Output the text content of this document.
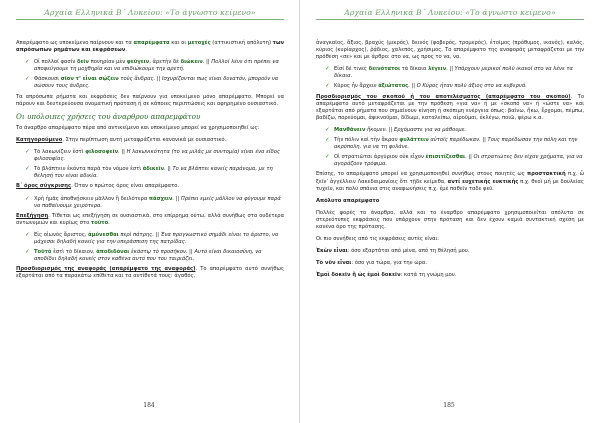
Αρχαία Ελληνικά Β΄ Λυκείου: «Το άγνωστο κείμενο»

Απαρέμφατο ως υποκείμενο παίρνουν και τα απαρέμφατα και οι μετοχές (αττικιστική απόλυτη) των απρόσωπων ρημάτων και εκφράσεων.

✓ Οἱ πολλοί φασίν δεῖν πονηρίαν μὲν φεύγειν, ἀρετὴν δὲ διώκειν. || Πολλοί λένε ότι πρέπει να αποφεύγουμε τη μοχθηρία και να επιδιώκουμε την αρετή.
✓ Φάσκουσι σῖον τ’ εἶναι σῴζειν τοὺς ἄνδρας. || Ισχυρίζονται πως είναι δυνατόν, μπορούν να σώσουν τους άνδρες.

Τα απρόσωπα ρήματα και εκφράσεις δεν παίρνουν για υποκείμενο μόνο απαρέμφατο. Μπορεί να πάρουν και δευτερεύουσα ονοματική πρόταση ή σε κάποιες περιπτώσεις και αφηρημένο ουσιαστικό.

Οι υπόλοιπες χρήσεις του άναρθρου απαρεμφάτου

Το άναρθρο απαρέμφατο πέρα από αντικείμενο και υποκείμενο μπορεί να χρησιμοποιηθεί ως:

Κατηγορούμενο. Στην περίπτωση αυτή μεταφράζεται κανονικά με ουσιαστικό.

✓ Τὸ λακωνίζειν ἐστὶ φιλοσοφεῖν. || Η λακωνικότητα (το να μιλάς με συντομία) είναι ένα είδος φιλοσοφίας.
✓ Τὸ βλάπτειν ἑκόντα παρὰ τὸν νόμον ἐστὶ ἀδικεῖν. || Το να βλάπτει κανείς παράνομα, με τη θέλησή του είναι αδικία.

Β΄ όρος σύγκρισης. Όταν ο πρώτος όρος είναι απαρέμφατο.

✓ Χρὴ ἡμᾶς ἀποθνῄσκειν μᾶλλον ἢ δειλότερα πάσχειν. || Πρέπει εμείς μάλλον να φύγουμε παρά να παθαίνουμε χειρότερα.

Επεξήγηση. Τίθεται ως επεξήγηση σε ουσιαστικά, στο επίρρημα ούτω, αλλά συνήθως στα ουδέτερα αντωνυμιών και κυρίως στο τοῦτο.

✓ Εἰς οἰωνὸς ἄριστος, ἀμύνεσθαι περὶ πάτρης. || Ένα προγνωστικό σημάδι είναι το άριστο, να μάχεσαι δηλαδή κανείς για την υπεράσπιση της πατρίδας.
✓ Τοῦτό ἐστὶ τὸ δίκαιον, ἀποδιδόναι ἑκάστῳ τὸ προσῆκον. || Αυτό είναι δικαιοσύνη, να αποδίδει δηλαδή κανείς στον καθένα αυτό που του ταιριάζει.

Προσδιορισμός της αναφοράς (απαρέμφατο της αναφοράς). Το απαρέμφατο αυτό συνήθως εξαρτάται από τα παρακάτω επίθετα και τα αντίθετά τους: ἀγαθός,

184
Αρχαία Ελληνικά Β΄ Λυκείου: «Το άγνωστο κείμενο»

ἀναγκαῖος, ἄξιος, βραχύς (μικρός), δεινός (φοβερός, τρομερός), ἑτοῖμος (πρόθυμος, ικανός), καλός, κύριος (κυρίαρχος), ῥᾴδιος, χαλεπός, χρήσιμος. Το απαρέμφατο της αναφοράς μεταφράζεται με την πρόθεση «σε» και με άρθρο: στο να, ως προς το να, να.

✓ Εἰσί δέ τινες δεινότατοι τὰ δίκαια λέγειν. || Υπάρχουν μερικοί πολύ ικανοί στο να λένε τα δίκαια.
✓ Κῦρος ἦν ἄρχειν ἀξιώτατος. || Ο Κύρος ήταν πολύ άξιος στο να κυβερνά.

Προσδιορισμός του σκοπού ή του αποτελέσματος (απαρέμφατο του σκοπού). Το απαρέμφατο αυτό μεταφράζεται με την πρόθεση «για να» ή με «σκοπό να» ή «ώστε να» και εξαρτάται από ρήματα που σημαίνουν κίνηση ή σκόπιμη ενέργεια όπως: βαίνω, ἥκω, ἔρχομαι, πέμπω, βαδίζω, πορεύομαι, ἀφικνοῦμαι, δίδωμι, καταλείπω, αἱροῦμαι, ἐκλέγω, ποιῶ, φέρω κ.α.

✓ Μανθάνειν ἥκομεν. || Ερχόμαστε για να μάθουμε.
✓ Τὴν πόλιν καὶ τὴν ἄκραν φυλάττειν αὐτοῖς παρέδωκαν. || Τους παρέδωσαν την πόλη και την ακρόπολη, για να τη φυλάνε.
✓ Οἱ στρατιῶται ἀργύριον οὐκ εἶχον ἐπισιτίζεσθαι. || Οι στρατιώτες δεν είχαν χρήματα, για να αγοράζουν τρόφιμα.

Επίσης, το απαρέμφατο μπορεί να χρησιμοποιηθεί συνήθως στους ποιητές ως προστακτική π.χ. ὦ ξεῖν’ ἀγγέλλειν Λακεδαιμονίοις ὅτι τῇδε κείμεθα, αντί ευχετικής ευκτικής π.χ. θεοὶ μή με δουλείας τυχεῖν, και πολύ σπάνια στις αναφωνήσεις π.χ. ἐμὲ παθεῖν ταδε φεῦ.

Απόλυτο απαρέμφατο

Πολλές φορές το άναρθρο, αλλά και το έναρθρο απαρέμφατο χρησιμοποιείται απόλυτα σε στερεότυπες εκφράσεις που υπάρχουν στην πρόταση και δεν έχουν καμιά συντακτική σχέση με κανένα όρο της πρότασης.

Οι πιο συνήθεις από τις εκφράσεις αυτές είναι:

Ἑκὼν εἶναι: όσο εξαρτάται από μένα, από τη θέλησή μου.

Τὸ νῦν εἶναι: όσο για τώρα, για την ώρα.

Ἐμοὶ δοκεῖν ἢ ὡς ἐμοὶ δοκεῖν: κατά τη γνώμη μου.

185
